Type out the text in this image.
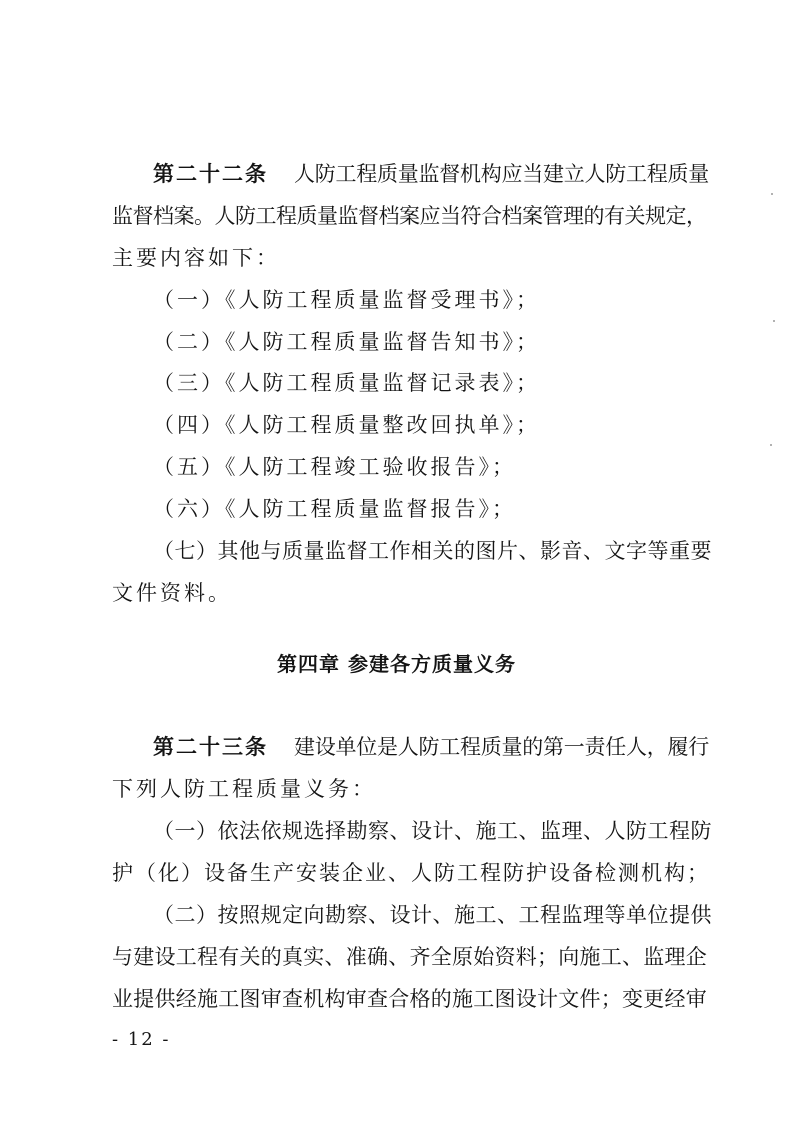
第二十二条 人防工程质量监督机构应当建立人防工程质量
监督档案。人防工程质量监督档案应当符合档案管理的有关规定，
主要内容如下：
（一）《人防工程质量监督受理书》；
（二）《人防工程质量监督告知书》；
（三）《人防工程质量监督记录表》；
（四）《人防工程质量整改回执单》；
（五）《人防工程竣工验收报告》；
（六）《人防工程质量监督报告》；
（七）其他与质量监督工作相关的图片、影音、文字等重要
文件资料。
第四章 参建各方质量义务
第二十三条 建设单位是人防工程质量的第一责任人，履行
下列人防工程质量义务：
（一）依法依规选择勘察、设计、施工、监理、人防工程防
护（化）设备生产安装企业、人防工程防护设备检测机构；
（二）按照规定向勘察、设计、施工、工程监理等单位提供
与建设工程有关的真实、准确、齐全原始资料；向施工、监理企
业提供经施工图审查机构审查合格的施工图设计文件；变更经审
- 12 -
